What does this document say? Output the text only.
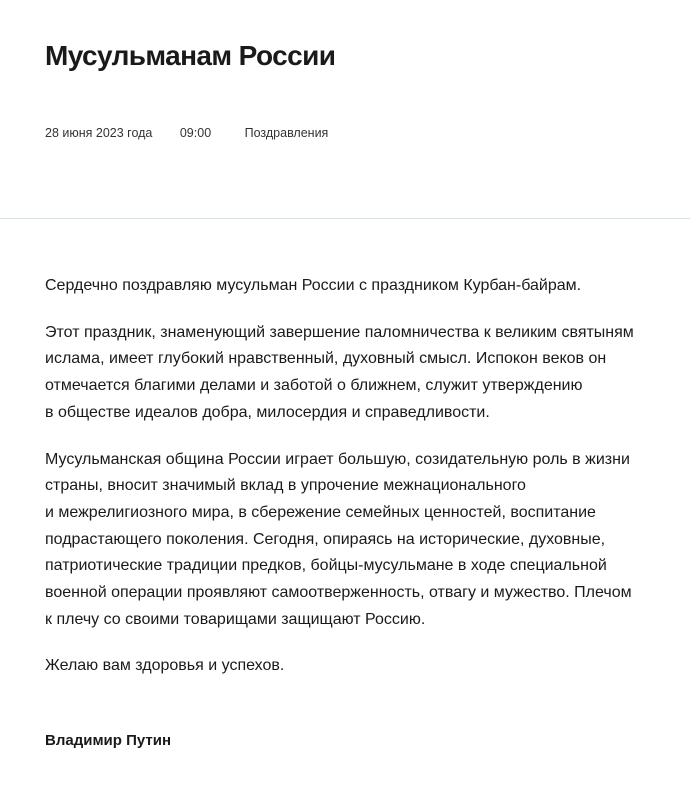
Мусульманам России
28 июня 2023 года 09:00	Поздравления

Сердечно поздравляю мусульман России с праздником Курбан-байрам.

Этот праздник, знаменующий завершение паломничества к великим святыням
ислама, имеет глубокий нравственный, духовный смысл. Испокон веков он
отмечается благими делами и заботой о ближнем, служит утверждению
в обществе идеалов добра, милосердия и справедливости.

Мусульманская община России играет большую, созидательную роль в жизни
страны, вносит значимый вклад в упрочение межнационального
и межрелигиозного мира, в сбережение семейных ценностей, воспитание
подрастающего поколения. Сегодня, опираясь на исторические, духовные,
патриотические традиции предков, бойцы-мусульмане в ходе специальной
военной операции проявляют самоотверженность, отвагу и мужество. Плечом
к плечу со своими товарищами защищают Россию.

Желаю вам здоровья и успехов.

Владимир Путин
